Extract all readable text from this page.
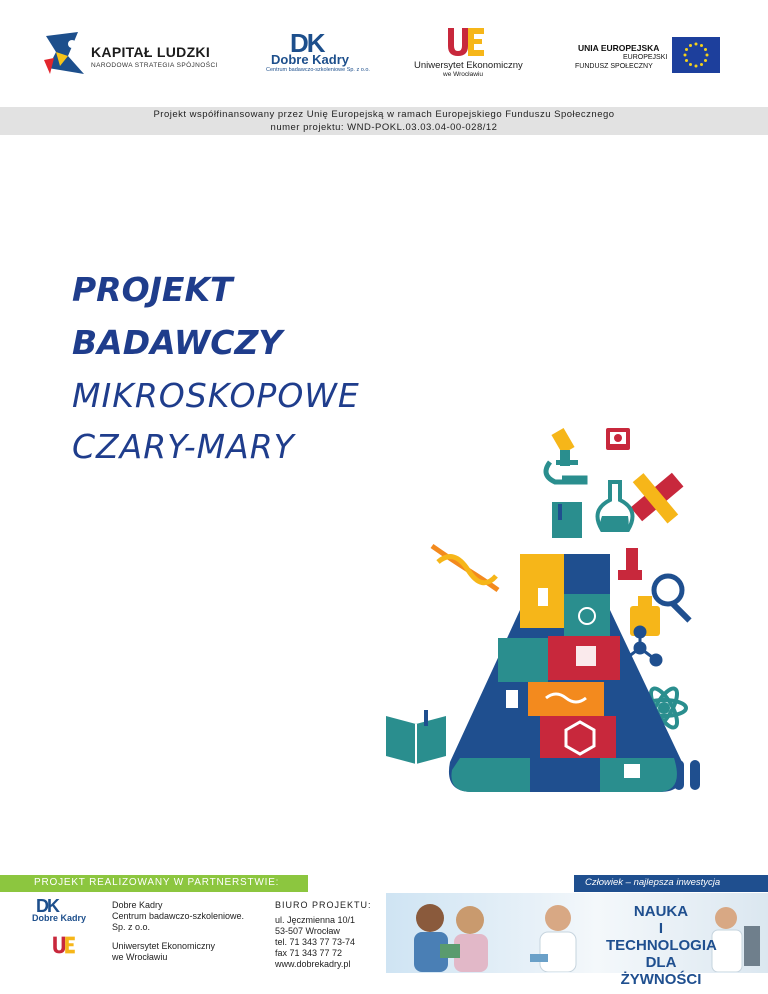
KAPITAŁ LUDZKI
NARODOWA STRATEGIA SPÓJNOŚCI
DK
Dobre Kadry
Centrum badawczo-szkoleniowe Sp. z o.o.	Uniwersytet Ekonomiczny
we Wrocławiu
UNIA EUROPEJSKA
EUROPEJSKI
FUNDUSZ SPOŁECZNY
Projekt współfinansowany przez Unię Europejską w ramach Europejskiego Funduszu Społecznego
numer projektu: WND-POKL.03.03.04-00-028/12
PROJEKT
BADAWCZY
MIKROSKOPOWE
CZARY-MARY
PROJEKT REALIZOWANY W PARTNERSTWIE:	Człowiek – najlepsza inwestycja
DK
Dobre Kadry
Dobre Kadry
Centrum badawczo-szkoleniowe.
Sp. z o.o.
Uniwersytet Ekonomiczny
we Wrocławiu
BIURO PROJEKTU:
ul. Jęczmienna 10/1
53-507 Wrocław
tel. 71 343 77 73-74
fax 71 343 77 72
www.dobrekadry.pl
NAUKA
I TECHNOLOGIA
DLA ŻYWNOŚCI
